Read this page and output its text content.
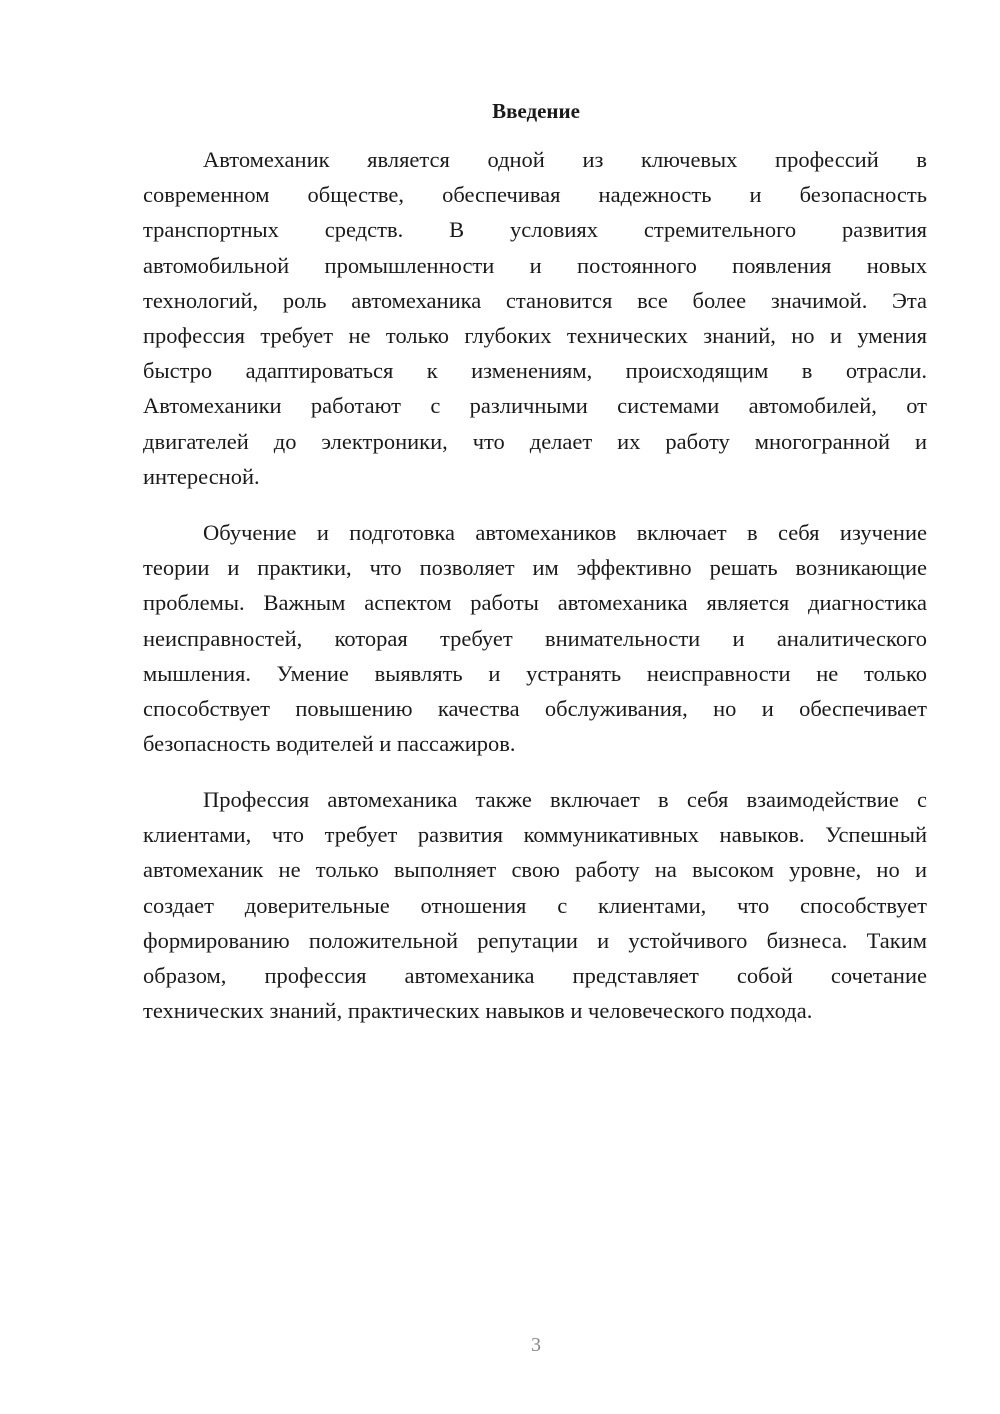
Введение
Автомеханик является одной из ключевых профессий в
современном обществе, обеспечивая надежность и безопасность
транспортных средств. В условиях стремительного развития
автомобильной промышленности и постоянного появления новых
технологий, роль автомеханика становится все более значимой. Эта
профессия требует не только глубоких технических знаний, но и умения
быстро адаптироваться к изменениям, происходящим в отрасли.
Автомеханики работают с различными системами автомобилей, от
двигателей до электроники, что делает их работу многогранной и
интересной.
Обучение и подготовка автомехаников включает в себя изучение
теории и практики, что позволяет им эффективно решать возникающие
проблемы. Важным аспектом работы автомеханика является диагностика
неисправностей, которая требует внимательности и аналитического
мышления. Умение выявлять и устранять неисправности не только
способствует повышению качества обслуживания, но и обеспечивает
безопасность водителей и пассажиров.
Профессия автомеханика также включает в себя взаимодействие с
клиентами, что требует развития коммуникативных навыков. Успешный
автомеханик не только выполняет свою работу на высоком уровне, но и
создает доверительные отношения с клиентами, что способствует
формированию положительной репутации и устойчивого бизнеса. Таким
образом, профессия автомеханика представляет собой сочетание
технических знаний, практических навыков и человеческого подхода.
3
